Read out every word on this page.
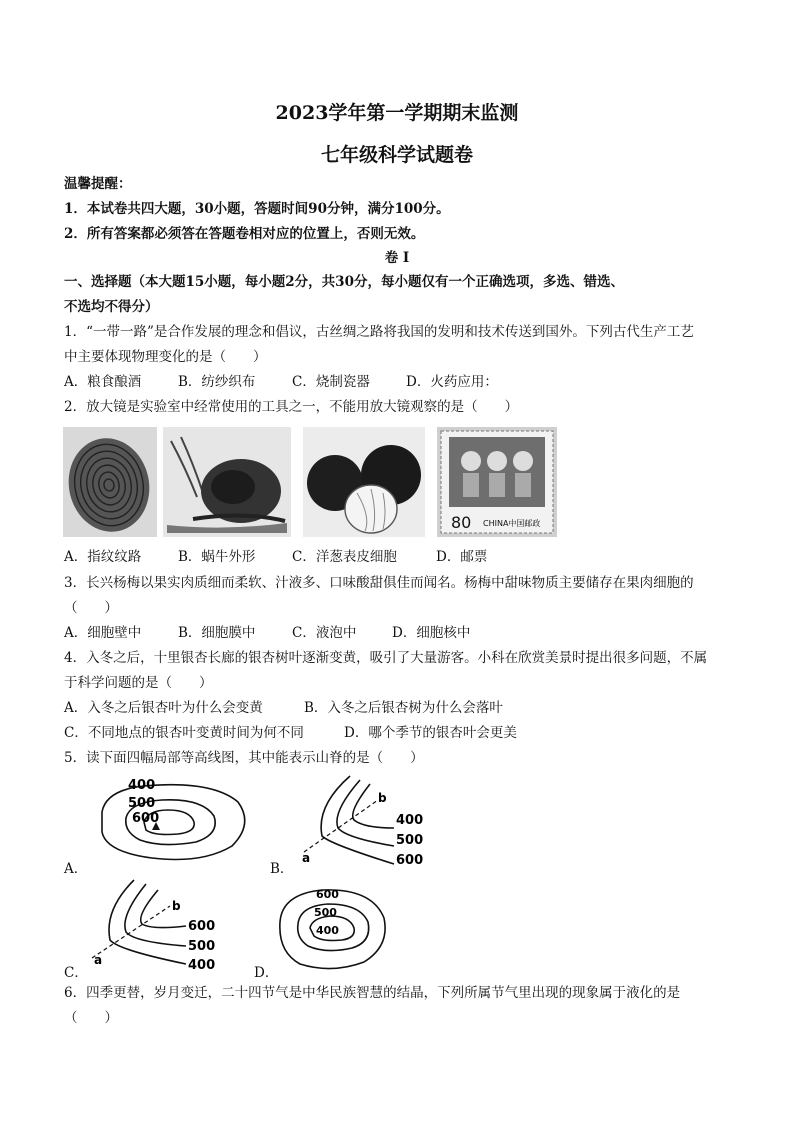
2023学年第一学期期末监测
七年级科学试题卷
温馨提醒：
1．本试卷共四大题，30小题，答题时间90分钟，满分100分。
2．所有答案都必须答在答题卷相对应的位置上，否则无效。
卷 I
一、选择题（本大题15小题，每小题2分，共30分，每小题仅有一个正确选项，多选、错选、
不选均不得分）
1．“一带一路”是合作发展的理念和倡议，古丝绸之路将我国的发明和技术传送到国外。下列古代生产工艺
中主要体现物理变化的是（　　）
A．粮食酿酒	B．纺纱织布	C．烧制瓷器	D．火药应用：
2．放大镜是实验室中经常使用的工具之一，不能用放大镜观察的是（　　）
80 CHINA中国邮政
A．指纹纹路	B．蜗牛外形	C．洋葱表皮细胞	D．邮票
3．长兴杨梅以果实肉质细而柔软、汁液多、口味酸甜俱佳而闻名。杨梅中甜味物质主要储存在果肉细胞的
（　　）
A．细胞壁中	B．细胞膜中	C．液泡中	D．细胞核中
4．入冬之后，十里银杏长廊的银杏树叶逐渐变黄，吸引了大量游客。小科在欣赏美景时提出很多问题，不属
于科学问题的是（　　）
A．入冬之后银杏叶为什么会变黄	B．入冬之后银杏树为什么会落叶
C．不同地点的银杏叶变黄时间为何不同	D．哪个季节的银杏叶会更美
5．读下面四幅局部等高线图，其中能表示山脊的是（　　）
400
500
600
A．
a
b
400
500
600
B．
a
b
600
500
400
C．
600
500
400
D．
6．四季更替，岁月变迁，二十四节气是中华民族智慧的结晶，下列所属节气里出现的现象属于液化的是
（　　）
